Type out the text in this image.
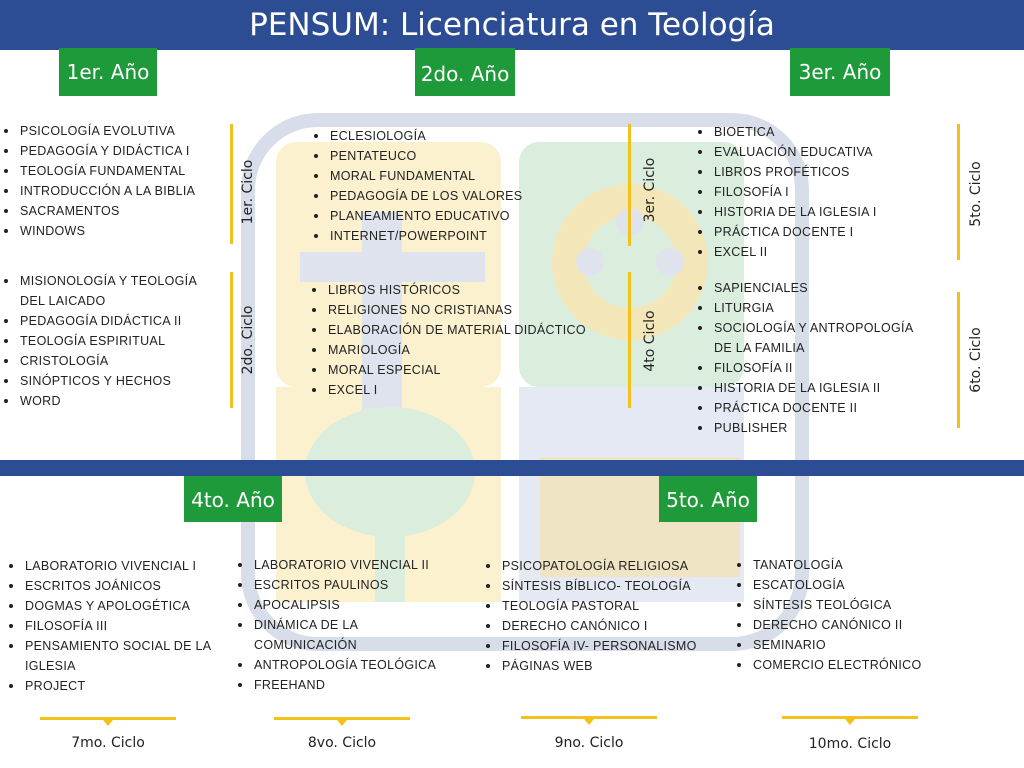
PENSUM: Licenciatura en Teología
1er. Año	2do. Año	3er. Año
4to. Año	5to. Año
PSICOLOGÍA EVOLUTIVA
PEDAGOGÍA Y DIDÁCTICA I
TEOLOGÍA FUNDAMENTAL
INTRODUCCIÓN A LA BIBLIA
SACRAMENTOS
WINDOWS
MISIONOLOGÍA Y TEOLOGÍA
DEL LAICADO
PEDAGOGÍA DIDÁCTICA II
TEOLOGÍA ESPIRITUAL
CRISTOLOGÍA
SINÓPTICOS Y HECHOS
WORD
ECLESIOLOGÍA
PENTATEUCO
MORAL FUNDAMENTAL
PEDAGOGÍA DE LOS VALORES
PLANEAMIENTO EDUCATIVO
INTERNET/POWERPOINT
LIBROS HISTÓRICOS
RELIGIONES NO CRISTIANAS
ELABORACIÓN DE MATERIAL DIDÁCTICO
MARIOLOGÍA
MORAL ESPECIAL
EXCEL I
BIOETICA
EVALUACIÓN EDUCATIVA
LIBROS PROFÉTICOS
FILOSOFÍA I
HISTORIA DE LA IGLESIA I
PRÁCTICA DOCENTE I
EXCEL II
SAPIENCIALES
LITURGIA
SOCIOLOGÍA Y ANTROPOLOGÍA
DE LA FAMILIA
FILOSOFÍA II
HISTORIA DE LA IGLESIA II
PRÁCTICA DOCENTE II
PUBLISHER
LABORATORIO VIVENCIAL I
ESCRITOS JOÁNICOS
DOGMAS Y APOLOGÉTICA
FILOSOFÍA III
PENSAMIENTO SOCIAL DE LA
IGLESIA
PROJECT
LABORATORIO VIVENCIAL II
ESCRITOS PAULINOS
APOCALIPSIS
DINÁMICA DE LA
COMUNICACIÓN
ANTROPOLOGÍA TEOLÓGICA
FREEHAND
PSICOPATOLOGÍA RELIGIOSA
SÍNTESIS BÍBLICO- TEOLOGÍA
TEOLOGÍA PASTORAL
DERECHO CANÓNICO I
FILOSOFÍA IV- PERSONALISMO
PÁGINAS WEB
TANATOLOGÍA
ESCATOLOGÍA
SÍNTESIS TEOLÓGICA
DERECHO CANÓNICO II
SEMINARIO
COMERCIO ELECTRÓNICO
1er. Ciclo
2do. Ciclo
3er. Ciclo
4to Ciclo
5to. Ciclo
6to. Ciclo
7mo. Ciclo	8vo. Ciclo	9no. Ciclo	10mo. Ciclo
